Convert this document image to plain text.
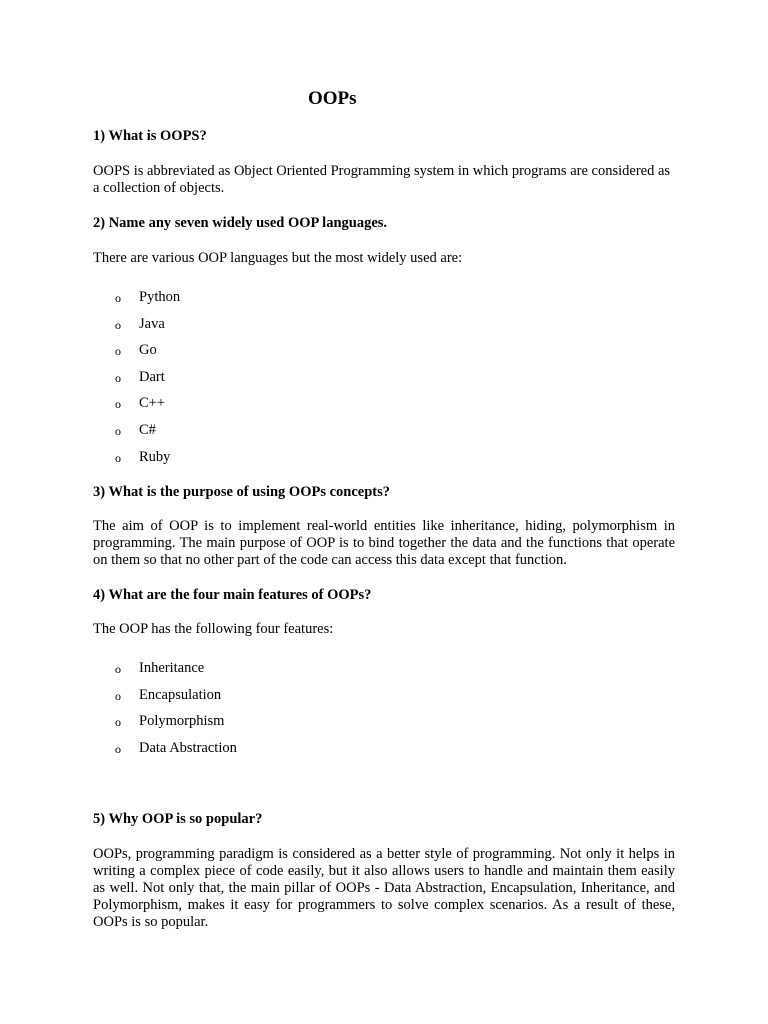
OOPs

1) What is OOPS?

OOPS is abbreviated as Object Oriented Programming system in which programs are considered as a collection of objects.

2) Name any seven widely used OOP languages.

There are various OOP languages but the most widely used are:

o Python
o Java
o Go
o Dart
o C++
o C#
o Ruby

3) What is the purpose of using OOPs concepts?

The aim of OOP is to implement real-world entities like inheritance, hiding, polymorphism in programming. The main purpose of OOP is to bind together the data and the functions that operate on them so that no other part of the code can access this data except that function.

4) What are the four main features of OOPs?

The OOP has the following four features:

o Inheritance
o Encapsulation
o Polymorphism
o Data Abstraction

5) Why OOP is so popular?

OOPs, programming paradigm is considered as a better style of programming. Not only it helps in writing a complex piece of code easily, but it also allows users to handle and maintain them easily as well. Not only that, the main pillar of OOPs - Data Abstraction, Encapsulation, Inheritance, and Polymorphism, makes it easy for programmers to solve complex scenarios. As a result of these, OOPs is so popular.
